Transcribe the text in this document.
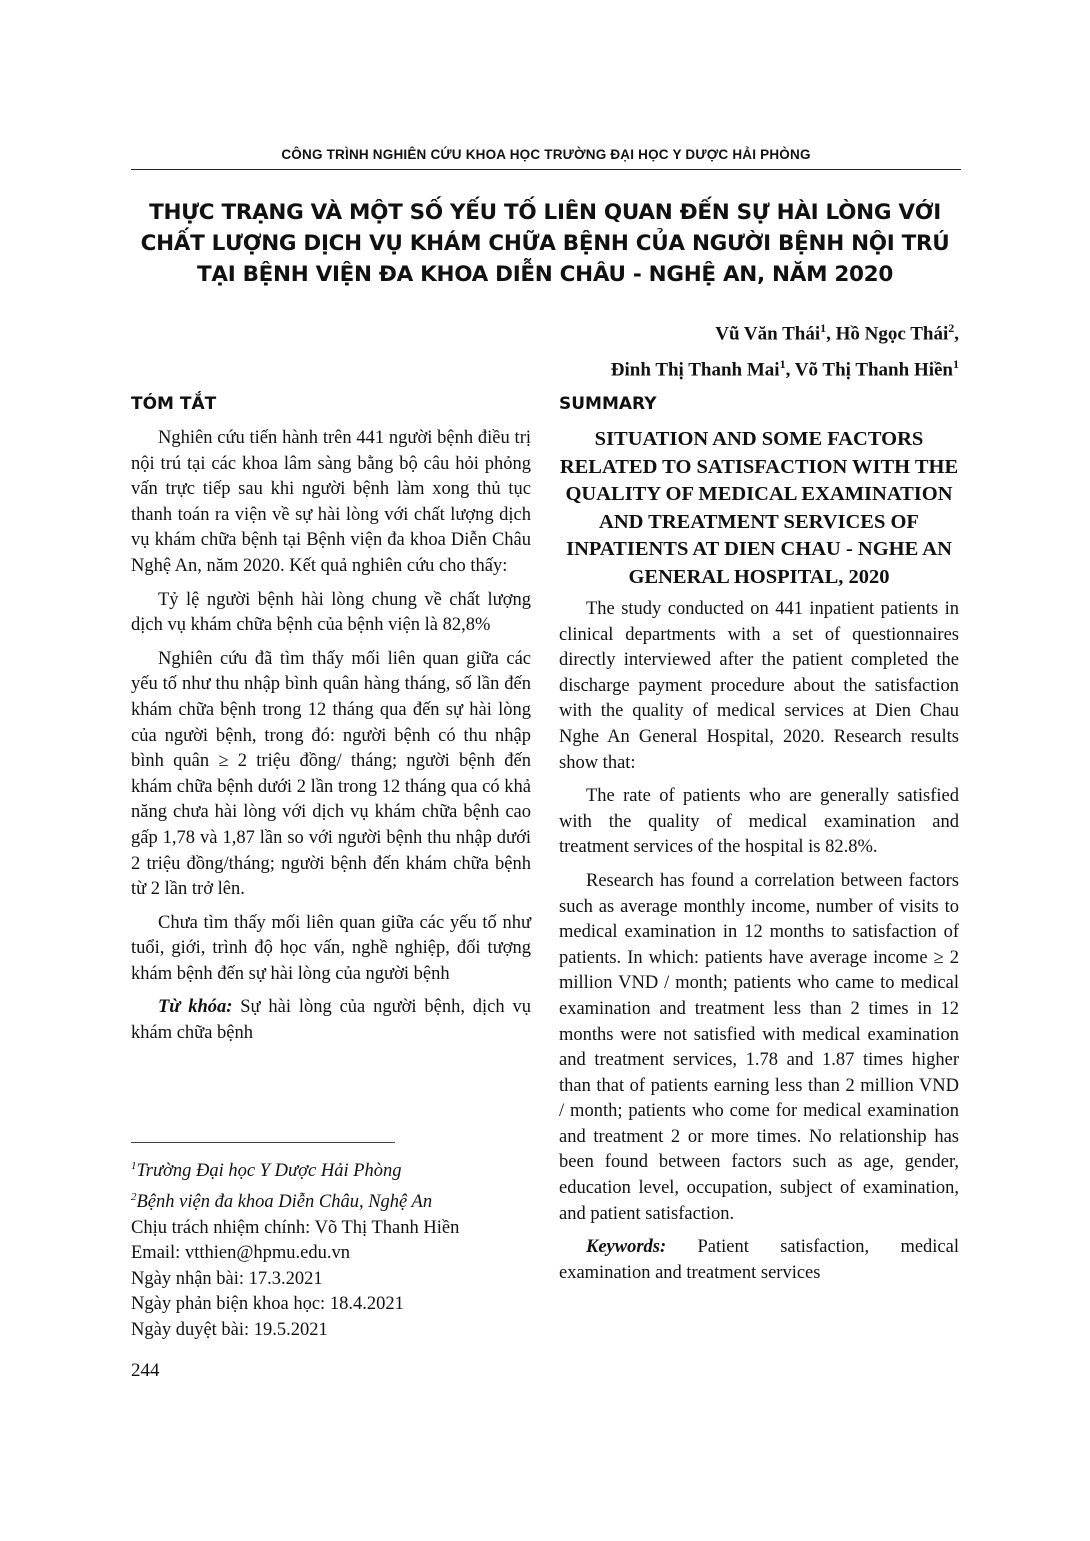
CÔNG TRÌNH NGHIÊN CỨU KHOA HỌC TRƯỜNG ĐẠI HỌC Y DƯỢC HẢI PHÒNG
THỰC TRẠNG VÀ MỘT SỐ YẾU TỐ LIÊN QUAN ĐẾN SỰ HÀI LÒNG VỚI
CHẤT LƯỢNG DỊCH VỤ KHÁM CHỮA BỆNH CỦA NGƯỜI BỆNH NỘI TRÚ
TẠI BỆNH VIỆN ĐA KHOA DIỄN CHÂU - NGHỆ AN, NĂM 2020
Vũ Văn Thái$^1$, Hồ Ngọc Thái$^2$,
Đinh Thị Thanh Mai$^1$, Võ Thị Thanh Hiền$^1$
TÓM TẮT

Nghiên cứu tiến hành trên 441 người bệnh điều trị nội trú tại các khoa lâm sàng bằng bộ câu hỏi phỏng vấn trực tiếp sau khi người bệnh làm xong thủ tục thanh toán ra viện về sự hài lòng với chất lượng dịch vụ khám chữa bệnh tại Bệnh viện đa khoa Diễn Châu Nghệ An, năm 2020. Kết quả nghiên cứu cho thấy:

Tỷ lệ người bệnh hài lòng chung về chất lượng dịch vụ khám chữa bệnh của bệnh viện là 82,8%

Nghiên cứu đã tìm thấy mối liên quan giữa các yếu tố như thu nhập bình quân hàng tháng, số lần đến khám chữa bệnh trong 12 tháng qua đến sự hài lòng của người bệnh, trong đó: người bệnh có thu nhập bình quân ≥ 2 triệu đồng/ tháng; người bệnh đến khám chữa bệnh dưới 2 lần trong 12 tháng qua có khả năng chưa hài lòng với dịch vụ khám chữa bệnh cao gấp 1,78 và 1,87 lần so với người bệnh thu nhập dưới 2 triệu đồng/tháng; người bệnh đến khám chữa bệnh từ 2 lần trở lên.

Chưa tìm thấy mối liên quan giữa các yếu tố như tuổi, giới, trình độ học vấn, nghề nghiệp, đối tượng khám bệnh đến sự hài lòng của người bệnh

Từ khóa: Sự hài lòng của người bệnh, dịch vụ khám chữa bệnh

$^1$Trường Đại học Y Dược Hải Phòng
$^2$Bệnh viện đa khoa Diễn Châu, Nghệ An
Chịu trách nhiệm chính: Võ Thị Thanh Hiền
Email: vtthien@hpmu.edu.vn
Ngày nhận bài: 17.3.2021
Ngày phản biện khoa học: 18.4.2021
Ngày duyệt bài: 19.5.2021
244
SUMMARY
SITUATION AND SOME FACTORS RELATED TO SATISFACTION WITH THE QUALITY OF MEDICAL EXAMINATION AND TREATMENT SERVICES OF INPATIENTS AT DIEN CHAU - NGHE AN GENERAL HOSPITAL, 2020

The study conducted on 441 inpatient patients in clinical departments with a set of questionnaires directly interviewed after the patient completed the discharge payment procedure about the satisfaction with the quality of medical services at Dien Chau Nghe An General Hospital, 2020. Research results show that:

The rate of patients who are generally satisfied with the quality of medical examination and treatment services of the hospital is 82.8%.

Research has found a correlation between factors such as average monthly income, number of visits to medical examination in 12 months to satisfaction of patients. In which: patients have average income ≥ 2 million VND / month; patients who came to medical examination and treatment less than 2 times in 12 months were not satisfied with medical examination and treatment services, 1.78 and 1.87 times higher than that of patients earning less than 2 million VND / month; patients who come for medical examination and treatment 2 or more times. No relationship has been found between factors such as age, gender, education level, occupation, subject of examination, and patient satisfaction.

Keywords: Patient satisfaction, medical examination and treatment services
